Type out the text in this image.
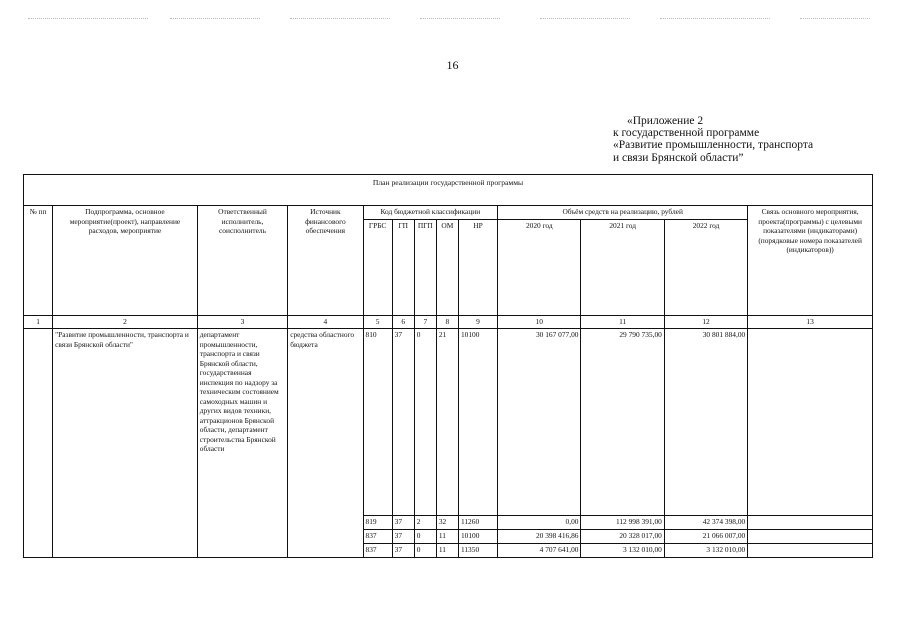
16
«Приложение 2
к государственной программе
«Развитие промышленности, транспорта
и связи Брянской области”
План реализации государственной программы												
№ пп	Подпрограмма, основное мероприятие(проект), направление расходов, мероприятие	Ответственный исполнитель, соисполнитель	Источник финансового обеспечения	Код бюджетной классификации					Объём средств на реализацию, рублей			Связь основного мероприятия, проекта(программы) с целевыми показателями (индикаторами) (порядковые номера показателей (индикаторов))
				ГРБС	ГП	ПГП	ОМ	НР	2020 год	2021 год	2022 год	
1	2	3	4	5	6	7	8	9	10	11	12	13
	"Развитие промышленности, транспорта и связи Брянской области"	департамент промышленности, транспорта и связи Брянской области, государственная инспекция по надзору за техническим состоянием самоходных машин и других видов техники, аттракционов Брянской области, департамент строительства Брянской области	средства областного бюджета	810	37	0	21	10100	30 167 077,00	29 790 735,00	30 801 884,00	
				819	37	2	32	11260	0,00	112 998 391,00	42 374 398,00	
				837	37	0	11	10100	20 398 416,86	20 328 017,00	21 066 007,00	
				837	37	0	11	11350	4 707 641,00	3 132 010,00	3 132 010,00	
